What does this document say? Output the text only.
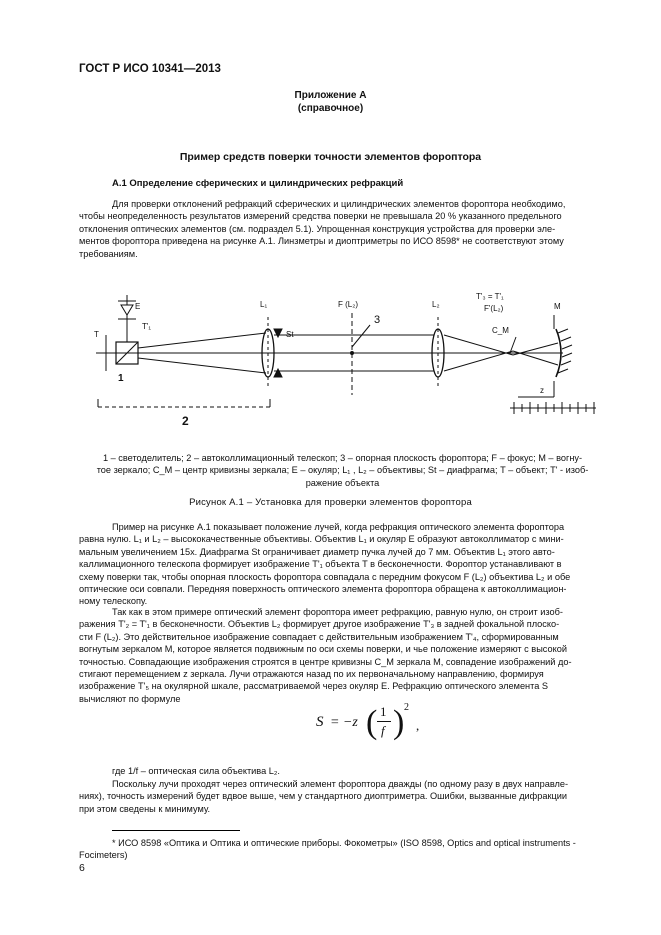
ГОСТ Р ИСО 10341—2013
Приложение А
(справочное)
Пример средств поверки точности элементов фороптора
А.1 Определение сферических и цилиндрических рефракций
Для проверки отклонений рефракций сферических и цилиндрических элементов фороптора необходимо,
чтобы неопределенность результатов измерений средства поверки не превышала 20 % указанного предельного
отклонения оптических элементов (см. подраздел 5.1). Упрощенная конструкция устройства для проверки эле-
ментов фороптора приведена на рисунке А.1. Линзметры и диоптриметры по ИСО 8598* не соответствуют этому
требованиям.
E
T'₁
T
1
2
3
L₁	L₂
St
F (L₂)
T'₃ = T'₁
F'(L₂)
C_M
M
z
1 – светоделитель; 2 – автоколлимационный телескоп; 3 – опорная плоскость фороптора; F – фокус; M – вогну-
тое зеркало; C_M – центр кривизны зеркала; E – окуляр; L₁ , L₂ – объективы; St – диафрагма; T – объект; T' - изоб-
ражение объекта
Рисунок А.1 – Установка для проверки элементов фороптора
Пример на рисунке А.1 показывает положение лучей, когда рефракция оптического элемента фороптора
равна нулю. L₁ и L₂ – высококачественные объективы. Объектив L₁ и окуляр E образуют автоколлиматор с мини-
мальным увеличением 15х. Диафрагма St ограничивает диаметр пучка лучей до 7 мм. Объектив L₁ этого авто-
каллимационного телескопа формирует изображение T'₁ объекта T в бесконечности. Фороптор устанавливают в
схему поверки так, чтобы опорная плоскость фороптора совпадала с передним фокусом F (L₂) объектива L₂ и обе
оптические оси совпали. Передняя поверхность оптического элемента фороптора обращена к автоколлимацион-
ному телескопу.
Так как в этом примере оптический элемент фороптора имеет рефракцию, равную нулю, он строит изоб-
ражения T'₂ = T'₁ в бесконечности. Объектив L₂ формирует другое изображение T'₃ в задней фокальной плоско-
сти F (L₂). Это действительное изображение совпадает с действительным изображением T'₄, сформированным
вогнутым зеркалом M, которое является подвижным по оси схемы поверки, и чье положение измеряют с высокой
точностью. Совпадающие изображения строятся в центре кривизны C_M зеркала M, совпадение изображений до-
стигают перемещением z зеркала. Лучи отражаются назад по их первоначальному направлению, формируя
изображение T'₅ на окулярной шкале, рассматриваемой через окуляр E. Рефракцию оптического элемента S
вычисляют по формуле
S = −z ( 1
f ) 2
,
где 1/f – оптическая сила объектива L₂.
Поскольку лучи проходят через оптический элемент фороптора дважды (по одному разу в двух направле-
ниях), точность измерений будет вдвое выше, чем у стандартного диоптриметра. Ошибки, вызванные дифракции
при этом сведены к минимуму.
* ИСО 8598 «Оптика и Оптика и оптические приборы. Фокометры» (ISO 8598, Optics and optical instruments -
Focimeters)
6
